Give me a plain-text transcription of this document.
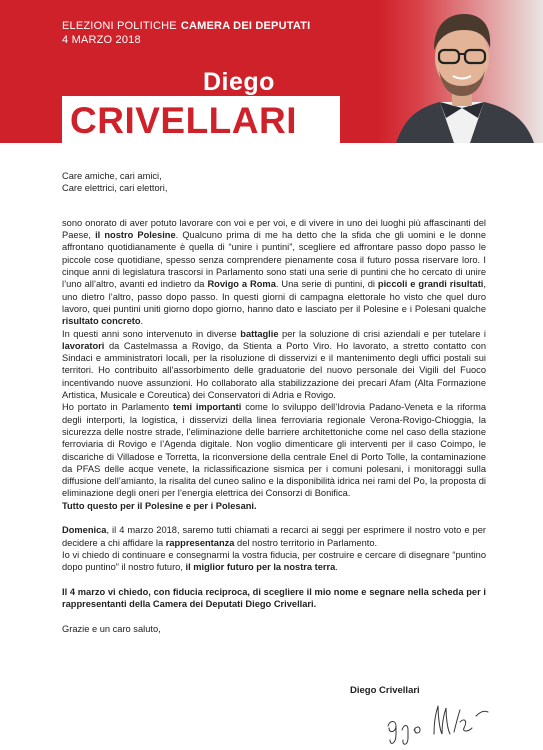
ELEZIONI POLITICHE CAMERA DEI DEPUTATI
4 MARZO 2018
Diego
CRIVELLARI

Care amiche, cari amici,

Care elettrici, cari elettori,

sono onorato di aver potuto lavorare con voi e per voi, e di vivere in uno dei luoghi più affascinanti del Paese, il nostro Polesine. Qualcuno prima di me ha detto che la sfida che gli uomini e le donne affrontano quotidianamente è quella di “unire i puntini”, scegliere ed affrontare passo dopo passo le piccole cose quotidiane, spesso senza comprendere pienamente cosa il futuro possa riservare loro. I cinque anni di legislatura trascorsi in Parlamento sono stati una serie di puntini che ho cercato di unire l’uno all’altro, avanti ed indietro da Rovigo a Roma. Una serie di puntini, di piccoli e grandi risultati, uno dietro l’altro, passo dopo passo. In questi giorni di campagna elettorale ho visto che quel duro lavoro, quei puntini uniti giorno dopo giorno, hanno dato e lasciato per il Polesine e i Polesani qualche risultato concreto.

In questi anni sono intervenuto in diverse battaglie per la soluzione di crisi aziendali e per tutelare i lavoratori da Castelmassa a Rovigo, da Stienta a Porto Viro. Ho lavorato, a stretto contatto con Sindaci e amministratori locali, per la risoluzione di disservizi e il mantenimento degli uffici postali sui territori. Ho contribuito all’assorbimento delle graduatorie del nuovo personale dei Vigili del Fuoco incentivando nuove assunzioni. Ho collaborato alla stabilizzazione dei precari Afam (Alta Formazione Artistica, Musicale e Coreutica) dei Conservatori di Adria e Rovigo.

Ho portato in Parlamento temi importanti come lo sviluppo dell’Idrovia Padano-Veneta e la riforma degli interporti, la logistica, i disservizi della linea ferroviaria regionale Verona-Rovigo-Chioggia, la sicurezza delle nostre strade, l’eliminazione delle barriere architettoniche come nel caso della stazione ferroviaria di Rovigo e l’Agenda digitale. Non voglio dimenticare gli interventi per il caso Coimpo, le discariche di Villadose e Torretta, la riconversione della centrale Enel di Porto Tolle, la contaminazione da PFAS delle acque venete, la riclassificazione sismica per i comuni polesani, i monitoraggi sulla diffusione dell’amianto, la risalita del cuneo salino e la disponibilità idrica nei rami del Po, la proposta di eliminazione degli oneri per l’energia elettrica dei Consorzi di Bonifica.

Tutto questo per il Polesine e per i Polesani.

Domenica, il 4 marzo 2018, saremo tutti chiamati a recarci ai seggi per esprimere il nostro voto e per decidere a chi affidare la rappresentanza del nostro territorio in Parlamento.

Io vi chiedo di continuare e consegnarmi la vostra fiducia, per costruire e cercare di disegnare “puntino dopo puntino” il nostro futuro, il miglior futuro per la nostra terra.

Il 4 marzo vi chiedo, con fiducia reciproca, di scegliere il mio nome e segnare nella scheda per i rappresentanti della Camera dei Deputati Diego Crivellari.

Grazie e un caro saluto,

Diego Crivellari
